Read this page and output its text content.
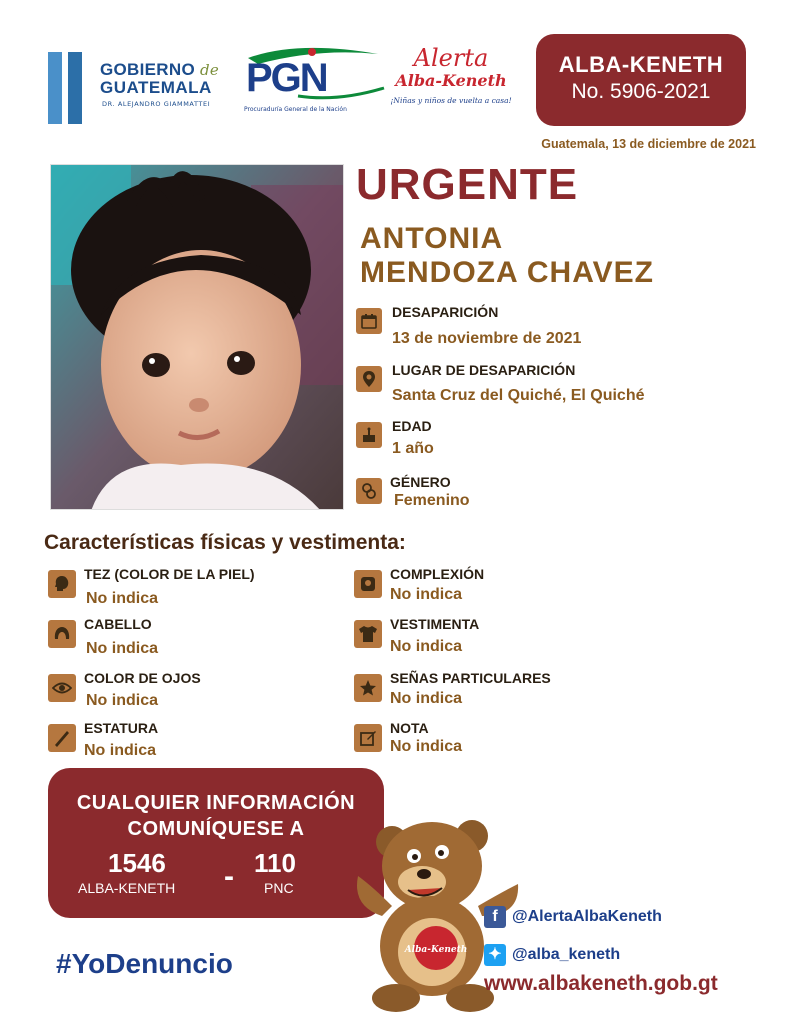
GOBIERNO de
GUATEMALA
DR. ALEJANDRO GIAMMATTEI
PGN
Procuraduría General de la Nación
Alerta
Alba-Keneth
¡Niñas y niños de vuelta a casa!
ALBA-KENETH
No. 5906-2021
Guatemala, 13 de diciembre de 2021
URGENTE
ANTONIA
MENDOZA CHAVEZ
DESAPARICIÓN
13 de noviembre de 2021
LUGAR DE DESAPARICIÓN
Santa Cruz del Quiché, El Quiché
EDAD
1 año
GÉNERO
Femenino
Características físicas y vestimenta:
TEZ (COLOR DE LA PIEL)
No indica
CABELLO
No indica
COLOR DE OJOS
No indica
ESTATURA
No indica
COMPLEXIÓN
No indica
VESTIMENTA
No indica
SEÑAS PARTICULARES
No indica
NOTA
No indica
CUALQUIER INFORMACIÓN
COMUNÍQUESE A
1546
ALBA-KENETH - 110
PNC
#YoDenuncio	Alba-Keneth
f @AlertaAlbaKeneth
✦ @alba_keneth
www.albakeneth.gob.gt
